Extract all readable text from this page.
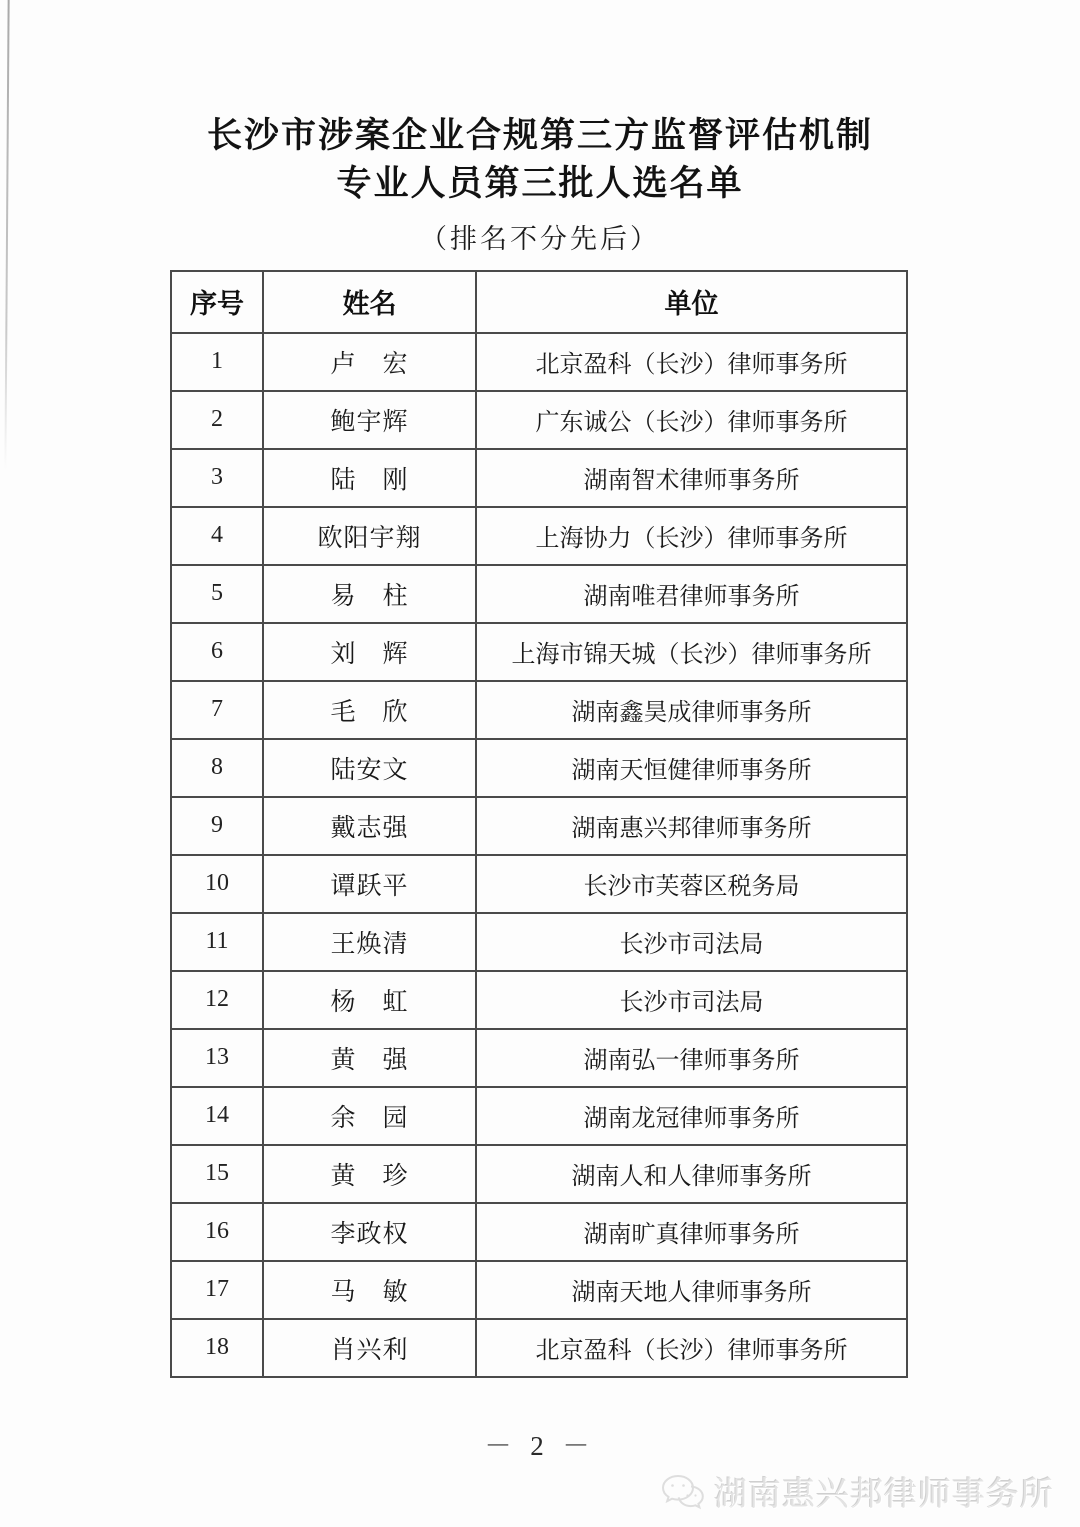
长沙市涉案企业合规第三方监督评估机制
专业人员第三批人选名单
（排名不分先后）
序号	姓名	单位
1	卢　宏	北京盈科（长沙）律师事务所
2	鲍宇辉	广东诚公（长沙）律师事务所
3	陆　刚	湖南智术律师事务所
4	欧阳宇翔	上海协力（长沙）律师事务所
5	易　柱	湖南唯君律师事务所
6	刘　辉	上海市锦天城（长沙）律师事务所
7	毛　欣	湖南鑫昊成律师事务所
8	陆安文	湖南天恒健律师事务所
9	戴志强	湖南惠兴邦律师事务所
10	谭跃平	长沙市芙蓉区税务局
11	王焕清	长沙市司法局
12	杨　虹	长沙市司法局
13	黄　强	湖南弘一律师事务所
14	余　园	湖南龙冠律师事务所
15	黄　珍	湖南人和人律师事务所
16	李政权	湖南旷真律师事务所
17	马　敏	湖南天地人律师事务所
18	肖兴利	北京盈科（长沙）律师事务所
－ 2 －
湖南惠兴邦律师事务所
